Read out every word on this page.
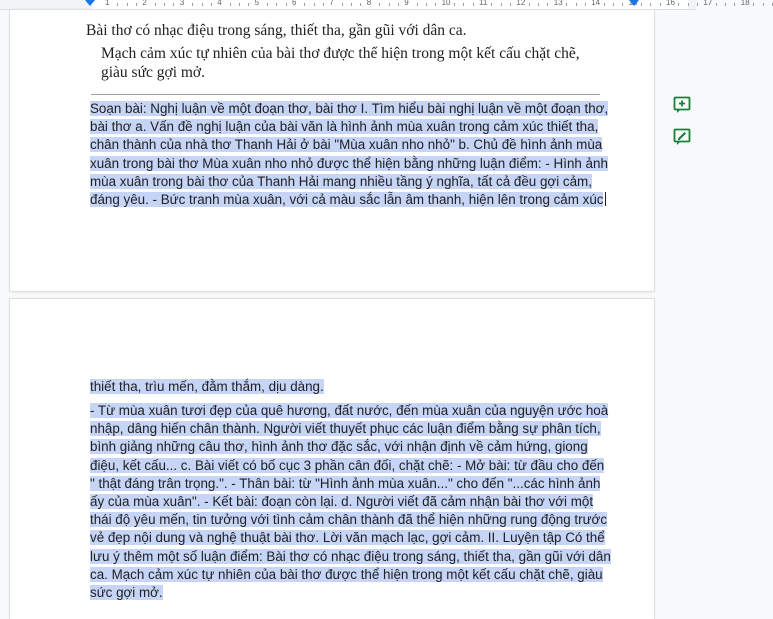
1	2	3	4	5	6	7	8	9	10	11	12	13	14	15	16	17	18
Bài thơ có nhạc điệu trong sáng, thiết tha, gần gũi với dân ca.
Mạch cảm xúc tự nhiên của bài thơ được thể hiện trong một kết cấu chặt chẽ,
giàu sức gợi mở.
Soạn bài: Nghị luận về một đoạn thơ, bài thơ I. Tìm hiểu bài nghị luận về một đoạn thơ,
bài thơ a. Vấn đề nghị luận của bài văn là hình ảnh mùa xuân trong cảm xúc thiết tha,
chân thành của nhà thơ Thanh Hải ở bài "Mùa xuân nho nhỏ" b. Chủ đề hình ảnh mùa
xuân trong bài thơ Mùa xuân nho nhỏ được thể hiện bằng những luận điểm: - Hình ảnh
mùa xuân trong bài thơ của Thanh Hải mang nhiều tầng ý nghĩa, tất cả đều gợi cảm,
đáng yêu. - Bức tranh mùa xuân, với cả màu sắc lẫn âm thanh, hiện lên trong cảm xúc
thiết tha, trìu mến, đằm thắm, dịu dàng.
- Từ mùa xuân tươi đẹp của quê hương, đất nước, đến mùa xuân của nguyện ước hoà
nhập, dâng hiến chân thành. Người viết thuyết phục các luận điểm bằng sự phân tích,
bình giảng những câu thơ, hình ảnh thơ đặc sắc, với nhận định về cảm hứng, giong
điệu, kết cấu... c. Bài viết có bố cục 3 phần cân đối, chặt chẽ: - Mở bài: từ đầu cho đến
" thật đáng trân trọng.". - Thân bài: từ "Hình ảnh mùa xuân..." cho đến "...các hình ảnh
ấy của mùa xuân". - Kết bài: đoạn còn lại. d. Người viết đã cảm nhận bài thơ với một
thái độ yêu mến, tin tưởng với tình cảm chân thành đã thể hiện những rung động trước
vẻ đẹp nội dung và nghệ thuật bài thơ. Lời văn mạch lạc, gợi cảm. II. Luyện tập Có thể
lưu ý thêm một số luận điểm: Bài thơ có nhạc điệu trong sáng, thiết tha, gần gũi với dân
ca. Mạch cảm xúc tự nhiên của bài thơ được thể hiện trong một kết cấu chặt chẽ, giàu
sức gợi mở.
